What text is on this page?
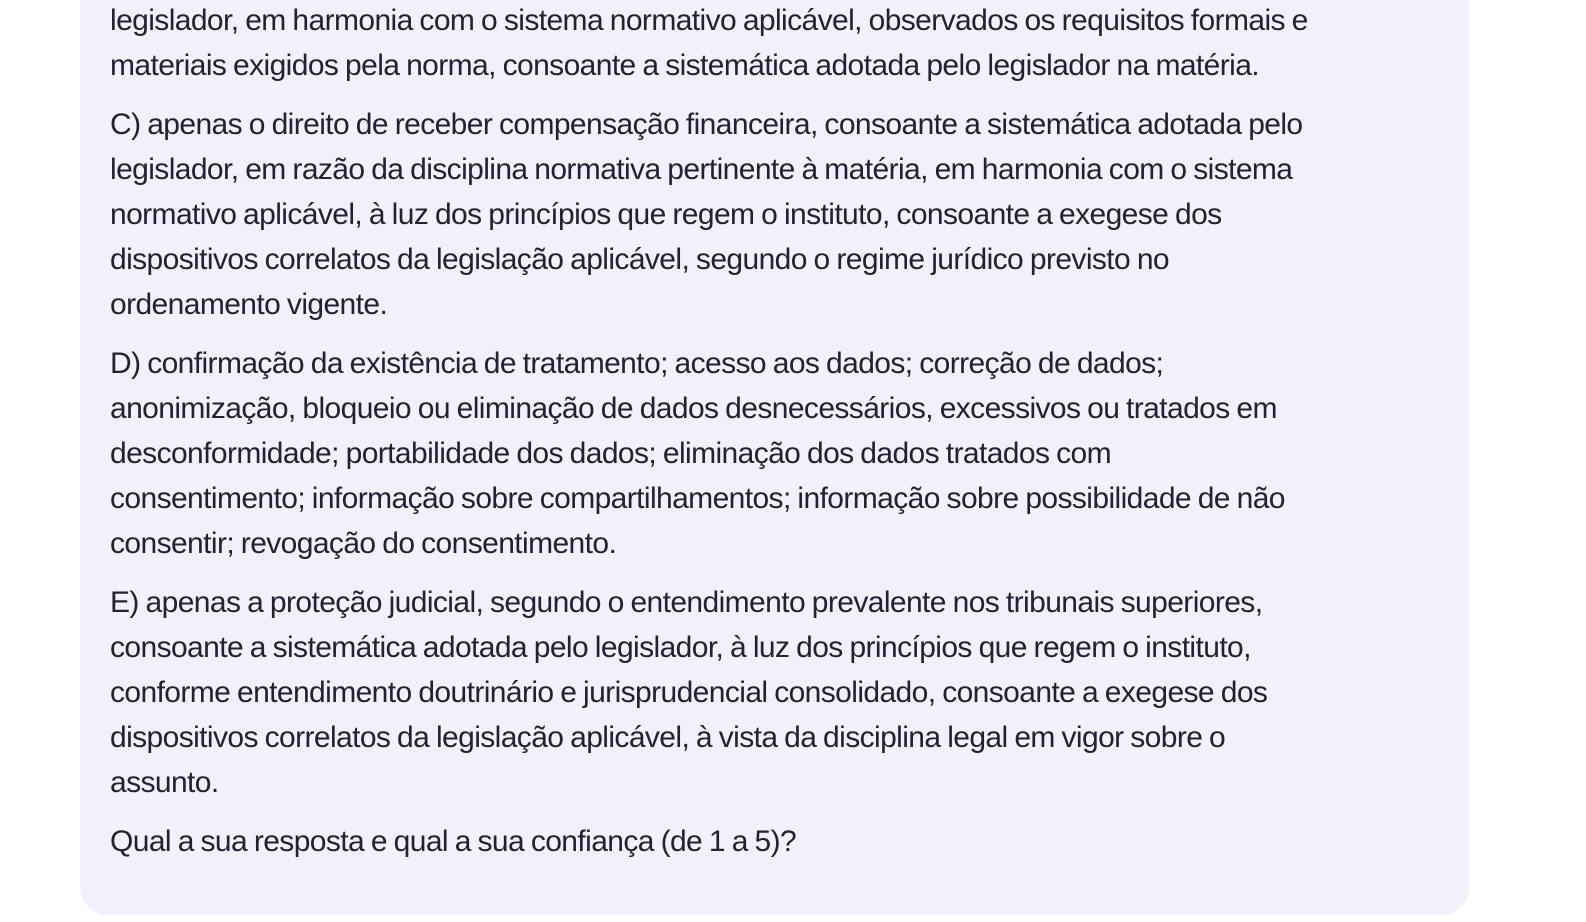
legislador, em harmonia com o sistema normativo aplicável, observados os requisitos formais e
materiais exigidos pela norma, consoante a sistemática adotada pelo legislador na matéria.

C) apenas o direito de receber compensação financeira, consoante a sistemática adotada pelo
legislador, em razão da disciplina normativa pertinente à matéria, em harmonia com o sistema
normativo aplicável, à luz dos princípios que regem o instituto, consoante a exegese dos
dispositivos correlatos da legislação aplicável, segundo o regime jurídico previsto no
ordenamento vigente.

D) confirmação da existência de tratamento; acesso aos dados; correção de dados;
anonimização, bloqueio ou eliminação de dados desnecessários, excessivos ou tratados em
desconformidade; portabilidade dos dados; eliminação dos dados tratados com
consentimento; informação sobre compartilhamentos; informação sobre possibilidade de não
consentir; revogação do consentimento.

E) apenas a proteção judicial, segundo o entendimento prevalente nos tribunais superiores,
consoante a sistemática adotada pelo legislador, à luz dos princípios que regem o instituto,
conforme entendimento doutrinário e jurisprudencial consolidado, consoante a exegese dos
dispositivos correlatos da legislação aplicável, à vista da disciplina legal em vigor sobre o
assunto.

Qual a sua resposta e qual a sua confiança (de 1 a 5)?
